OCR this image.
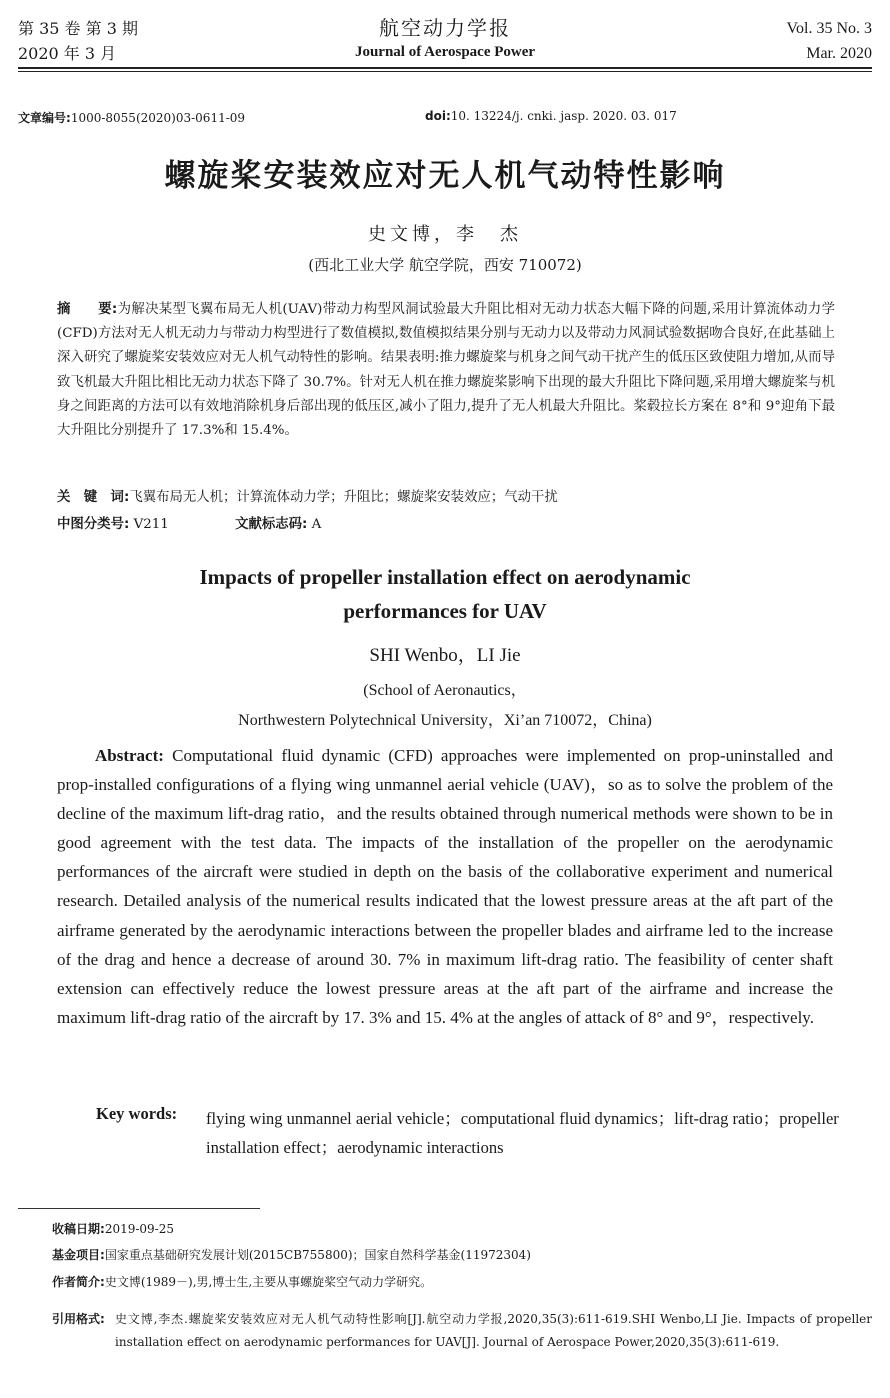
第 35 卷 第 3 期
2020 年 3 月
航空动力学报
Journal of Aerospace Power
Vol. 35 No. 3
Mar. 2020
文章编号:1000-8055(2020)03-0611-09	doi:10. 13224/j. cnki. jasp. 2020. 03. 017
螺旋桨安装效应对无人机气动特性影响
史文博，李　杰
(西北工业大学 航空学院，西安 710072)
摘　　要:为解决某型飞翼布局无人机(UAV)带动力构型风洞试验最大升阻比相对无动力状态大幅下降的问题,采用计算流体动力学(CFD)方法对无人机无动力与带动力构型进行了数值模拟,数值模拟结果分别与无动力以及带动力风洞试验数据吻合良好,在此基础上深入研究了螺旋桨安装效应对无人机气动特性的影响。结果表明:推力螺旋桨与机身之间气动干扰产生的低压区致使阻力增加,从而导致飞机最大升阻比相比无动力状态下降了 30.7%。针对无人机在推力螺旋桨影响下出现的最大升阻比下降问题,采用增大螺旋桨与机身之间距离的方法可以有效地消除机身后部出现的低压区,减小了阻力,提升了无人机最大升阻比。桨毂拉长方案在 8°和 9°迎角下最大升阻比分别提升了 17.3%和 15.4%。
关　键　词:飞翼布局无人机；计算流体动力学；升阻比；螺旋桨安装效应；气动干扰
中图分类号: V211	文献标志码: A
Impacts of propeller installation effect on aerodynamic
performances for UAV
SHI Wenbo，LI Jie
(School of Aeronautics，
Northwestern Polytechnical University，Xi’an 710072，China)
Abstract: Computational fluid dynamic (CFD) approaches were implemented on prop-uninstalled and prop-installed configurations of a flying wing unmannel aerial vehicle (UAV)，so as to solve the problem of the decline of the maximum lift-drag ratio，and the results obtained through numerical methods were shown to be in good agreement with the test data. The impacts of the installation of the propeller on the aerodynamic performances of the aircraft were studied in depth on the basis of the collaborative experiment and numerical research. Detailed analysis of the numerical results indicated that the lowest pressure areas at the aft part of the airframe generated by the aerodynamic interactions between the propeller blades and airframe led to the increase of the drag and hence a decrease of around 30. 7% in maximum lift-drag ratio. The feasibility of center shaft extension can effectively reduce the lowest pressure areas at the aft part of the airframe and increase the maximum lift-drag ratio of the aircraft by 17. 3% and 15. 4% at the angles of attack of 8° and 9°，respectively.
Key words: flying wing unmannel aerial vehicle；computational fluid dynamics；lift-drag ratio；propeller installation effect；aerodynamic interactions
收稿日期:2019-09-25
基金项目:国家重点基础研究发展计划(2015CB755800)；国家自然科学基金(11972304)
作者简介:史文博(1989－),男,博士生,主要从事螺旋桨空气动力学研究。
引用格式: 史文博,李杰.螺旋桨安装效应对无人机气动特性影响[J].航空动力学报,2020,35(3):611-619.SHI Wenbo,LI Jie. Impacts of propeller installation effect on aerodynamic performances for UAV[J]. Journal of Aerospace Power,2020,35(3):611-619.
